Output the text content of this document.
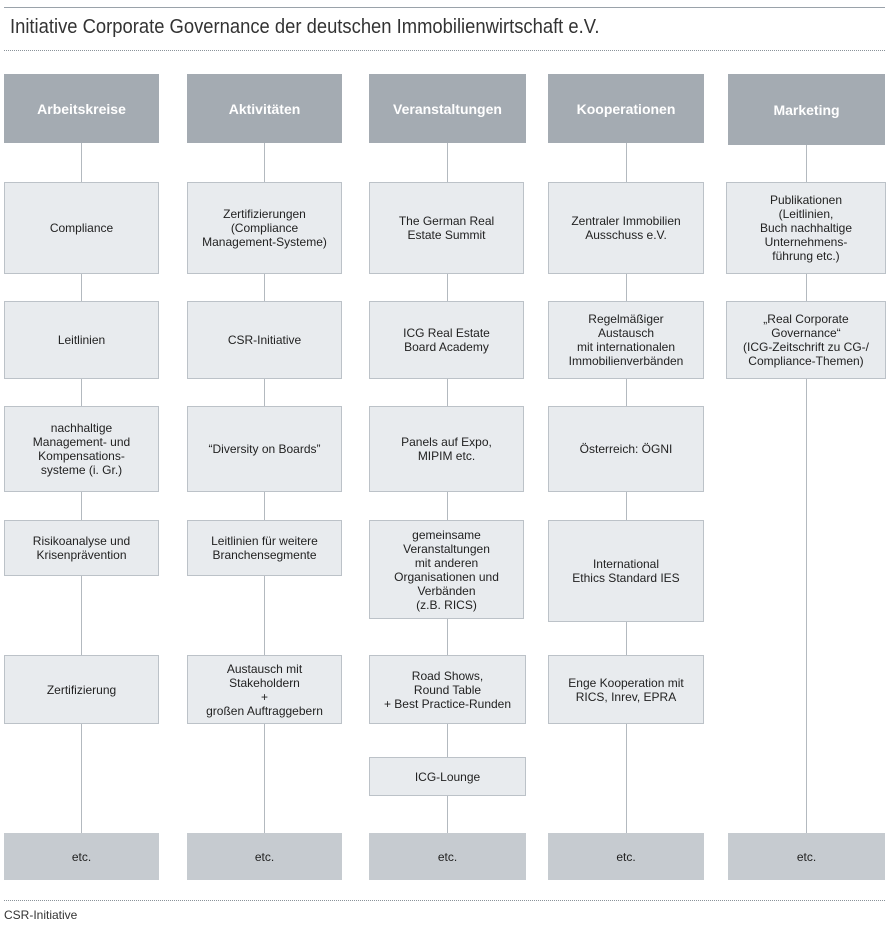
Initiative Corporate Governance der deutschen Immobilienwirtschaft e.V.
Arbeitskreise
Compliance
Leitlinien
nachhaltige
Management- und
Kompensations-
systeme (i. Gr.)
Risikoanalyse und
Krisenprävention
Zertifizierung
etc.
Aktivitäten
Zertifizierungen
(Compliance
Management-Systeme)
CSR-Initiative
“Diversity on Boards”
Leitlinien für weitere
Branchensegmente
Austausch mit
Stakeholdern
+
großen Auftraggebern
etc.
Veranstaltungen
The German Real
Estate Summit
ICG Real Estate
Board Academy
Panels auf Expo,
MIPIM etc.
gemeinsame
Veranstaltungen
mit anderen
Organisationen und
Verbänden
(z.B. RICS)
Road Shows,
Round Table
+ Best Practice-Runden
ICG-Lounge
etc.
Kooperationen
Zentraler Immobilien
Ausschuss e.V.
Regelmäßiger
Austausch
mit internationalen
Immobilienverbänden
Österreich: ÖGNI
International
Ethics Standard IES
Enge Kooperation mit
RICS, Inrev, EPRA
etc.
Marketing
Publikationen
(Leitlinien,
Buch nachhaltige
Unternehmens-
führung etc.)
„Real Corporate
Governance“
(ICG-Zeitschrift zu CG-/
Compliance-Themen)
etc.
CSR-Initiative
